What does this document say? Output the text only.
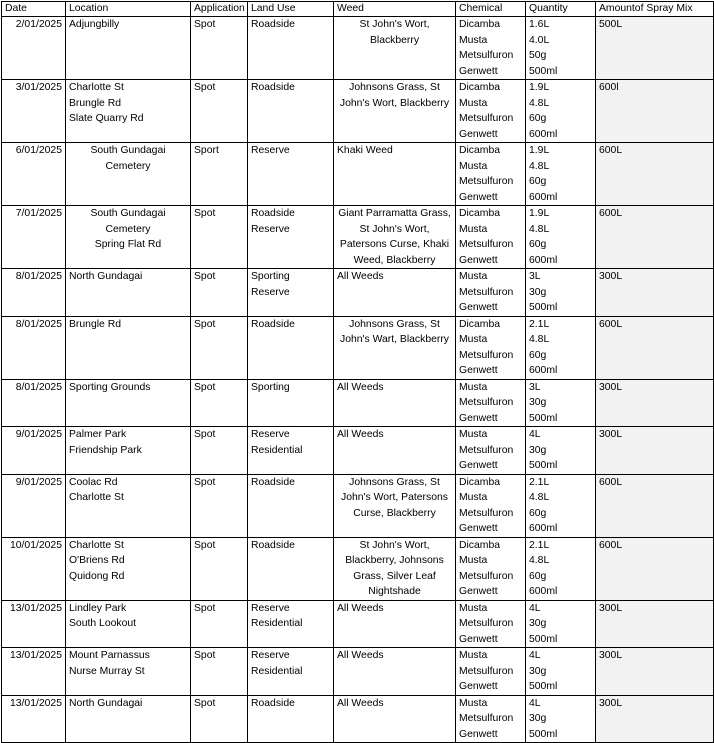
Date	Location	Application	Land Use	Weed	Chemical	Quantity	Amountof Spray Mix
2/01/2025	Adjungbilly	Spot	Roadside	St John's Wort,
Blackberry	Dicamba
Musta
Metsulfuron
Genwett	1.6L
4.0L
50g
500ml	500L
3/01/2025	Charlotte St
Brungle Rd
Slate Quarry Rd	Spot	Roadside	Johnsons Grass, St
John's Wort, Blackberry	Dicamba
Musta
Metsulfuron
Genwett	1.9L
4.8L
60g
600ml	600l
6/01/2025	South Gundagai
Cemetery	Sport	Reserve	Khaki Weed	Dicamba
Musta
Metsulfuron
Genwett	1.9L
4.8L
60g
600ml	600L
7/01/2025	South Gundagai
Cemetery
Spring Flat Rd	Spot	Roadside
Reserve	Giant Parramatta Grass,
St John's Wort,
Patersons Curse, Khaki
Weed, Blackberry	Dicamba
Musta
Metsulfuron
Genwett	1.9L
4.8L
60g
600ml	600L
8/01/2025	North Gundagai	Spot	Sporting
Reserve	All Weeds	Musta
Metsulfuron
Genwett	3L
30g
500ml	300L
8/01/2025	Brungle Rd	Spot	Roadside	Johnsons Grass, St
John's Wart, Blackberry	Dicamba
Musta
Metsulfuron
Genwett	2.1L
4.8L
60g
600ml	600L
8/01/2025	Sporting Grounds	Spot	Sporting	All Weeds	Musta
Metsulfuron
Genwett	3L
30g
500ml	300L
9/01/2025	Palmer Park
Friendship Park	Spot	Reserve
Residential	All Weeds	Musta
Metsulfuron
Genwett	4L
30g
500ml	300L
9/01/2025	Coolac Rd
Charlotte St	Spot	Roadside	Johnsons Grass, St
John's Wort, Patersons
Curse, Blackberry	Dicamba
Musta
Metsulfuron
Genwett	2.1L
4.8L
60g
600ml	600L
10/01/2025	Charlotte St
O'Briens Rd
Quidong Rd	Spot	Roadside	St John's Wort,
Blackberry, Johnsons
Grass, Silver Leaf
Nightshade	Dicamba
Musta
Metsulfuron
Genwett	2.1L
4.8L
60g
600ml	600L
13/01/2025	Lindley Park
South Lookout	Spot	Reserve
Residential	All Weeds	Musta
Metsulfuron
Genwett	4L
30g
500ml	300L
13/01/2025	Mount Parnassus
Nurse Murray St	Spot	Reserve
Residential	All Weeds	Musta
Metsulfuron
Genwett	4L
30g
500ml	300L
13/01/2025	North Gundagai	Spot	Roadside	All Weeds	Musta
Metsulfuron
Genwett	4L
30g
500ml	300L
